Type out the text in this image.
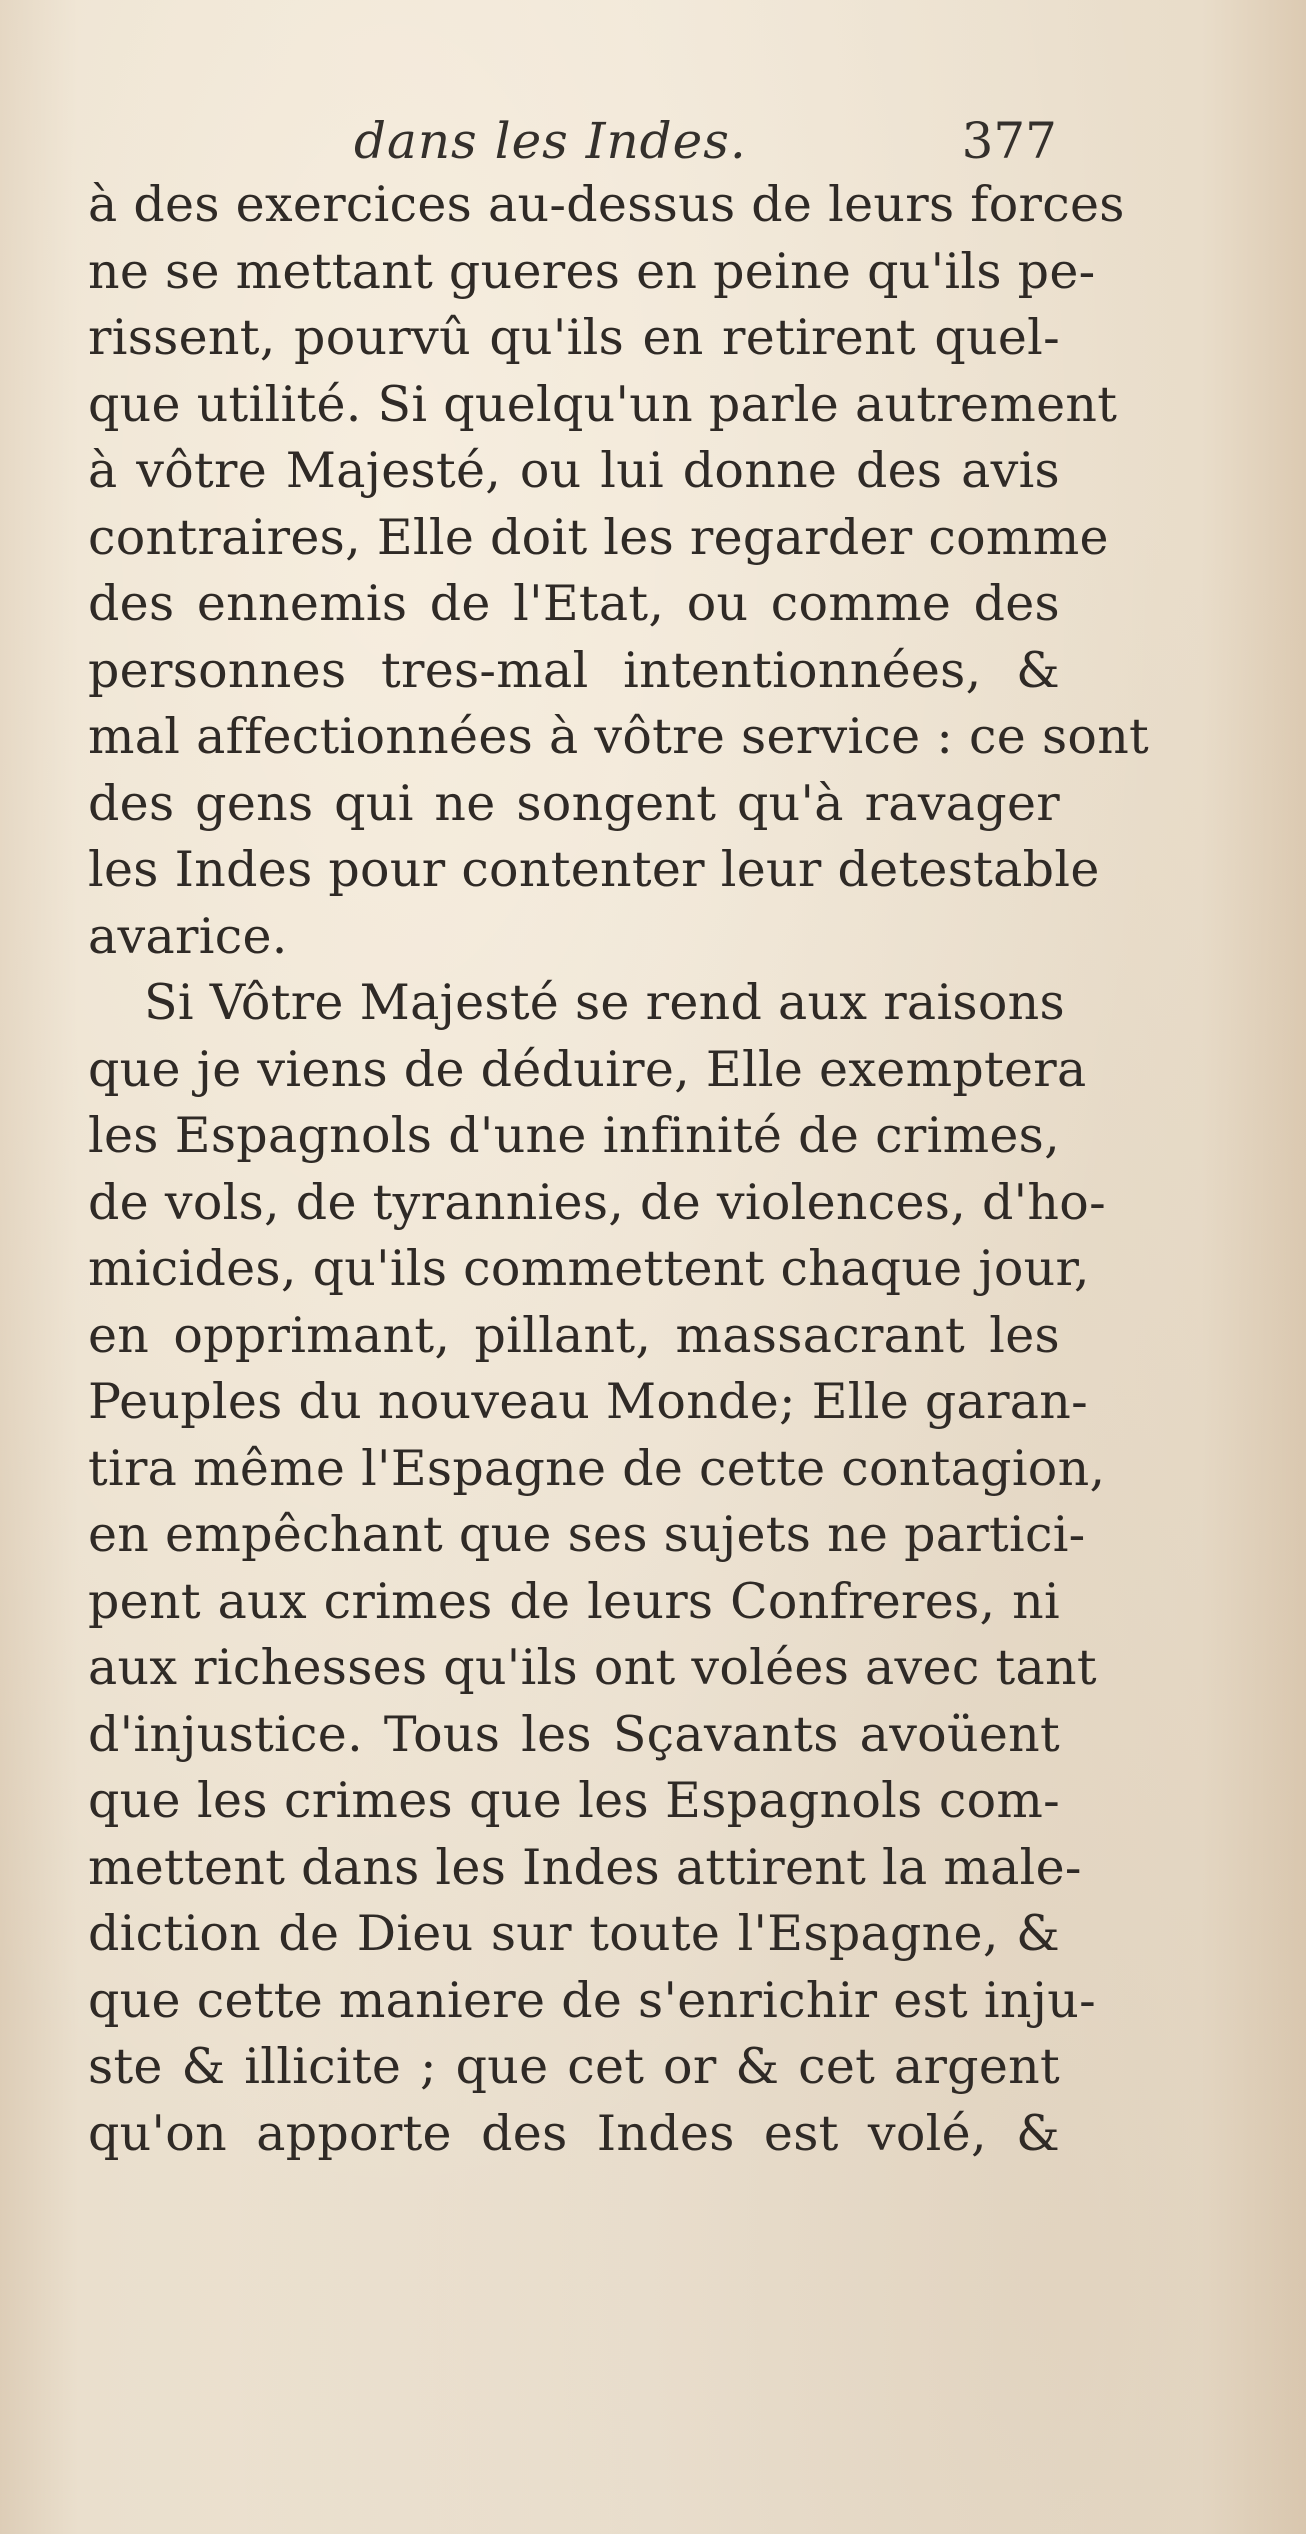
dans les Indes.	377
à des exercices au-dessus de leurs forces
ne se mettant gueres en peine qu'ils pe-
rissent, pourvû qu'ils en retirent quel-
que utilité. Si quelqu'un parle autrement
à vôtre Majesté, ou lui donne des avis
contraires, Elle doit les regarder comme
des ennemis de l'Etat, ou comme des
personnes tres-mal intentionnées, &
mal affectionnées à vôtre service : ce sont
des gens qui ne songent qu'à ravager
les Indes pour contenter leur detestable
avarice.
Si Vôtre Majesté se rend aux raisons
que je viens de déduire, Elle exemptera
les Espagnols d'une infinité de crimes,
de vols, de tyrannies, de violences, d'ho-
micides, qu'ils commettent chaque jour,
en opprimant, pillant, massacrant les
Peuples du nouveau Monde; Elle garan-
tira même l'Espagne de cette contagion,
en empêchant que ses sujets ne partici-
pent aux crimes de leurs Confreres, ni
aux richesses qu'ils ont volées avec tant
d'injustice. Tous les Sçavants avoüent
que les crimes que les Espagnols com-
mettent dans les Indes attirent la male-
diction de Dieu sur toute l'Espagne, &
que cette maniere de s'enrichir est inju-
ste & illicite ; que cet or & cet argent
qu'on apporte des Indes est volé, &
